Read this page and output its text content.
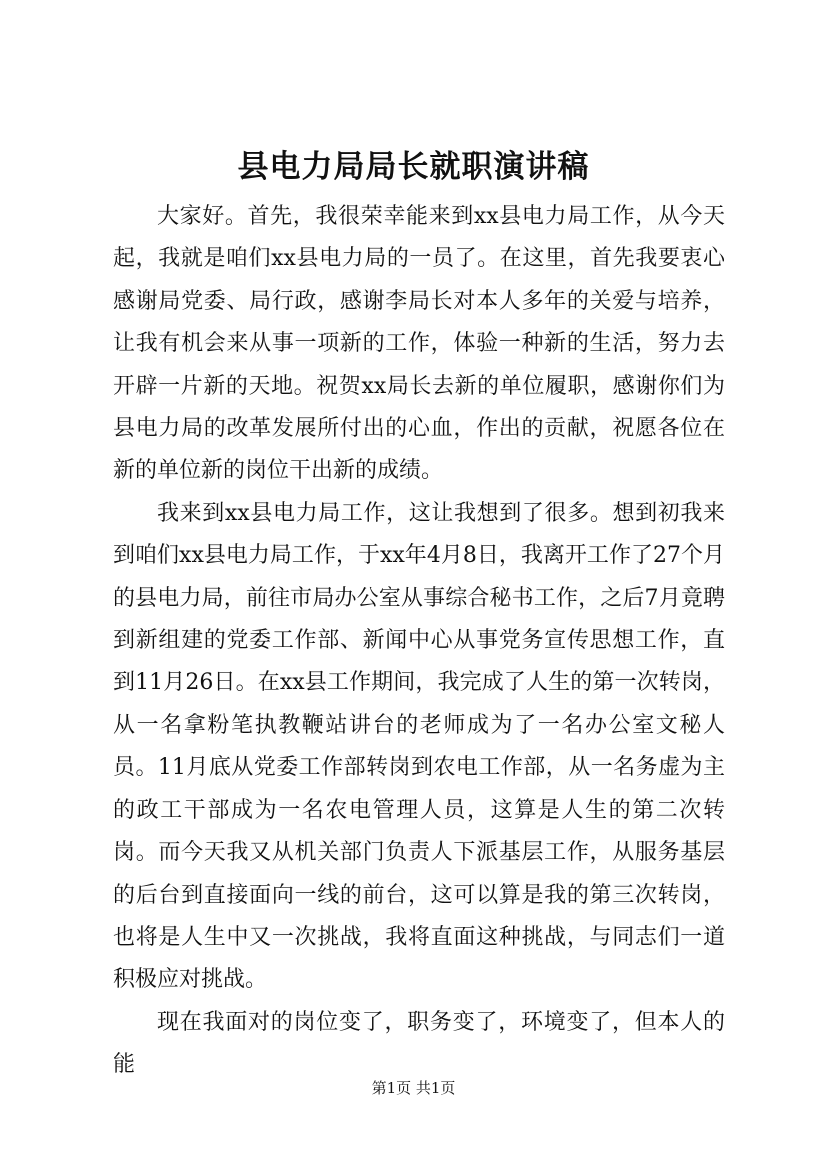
县电力局局长就职演讲稿

大家好。首先，我很荣幸能来到xx县电力局工作，从今天起，我就是咱们xx县电力局的一员了。在这里，首先我要衷心感谢局党委、局行政，感谢李局长对本人多年的关爱与培养，让我有机会来从事一项新的工作，体验一种新的生活，努力去开辟一片新的天地。祝贺xx局长去新的单位履职，感谢你们为县电力局的改革发展所付出的心血，作出的贡献，祝愿各位在新的单位新的岗位干出新的成绩。

我来到xx县电力局工作，这让我想到了很多。想到初我来到咱们xx县电力局工作，于xx年4月8日，我离开工作了27个月的县电力局，前往市局办公室从事综合秘书工作，之后7月竟聘到新组建的党委工作部、新闻中心从事党务宣传思想工作，直到11月26日。在xx县工作期间，我完成了人生的第一次转岗，从一名拿粉笔执教鞭站讲台的老师成为了一名办公室文秘人员。11月底从党委工作部转岗到农电工作部，从一名务虚为主的政工干部成为一名农电管理人员，这算是人生的第二次转岗。而今天我又从机关部门负责人下派基层工作，从服务基层的后台到直接面向一线的前台，这可以算是我的第三次转岗，也将是人生中又一次挑战，我将直面这种挑战，与同志们一道积极应对挑战。

现在我面对的岗位变了，职务变了，环境变了，但本人的能

第1页 共1页
